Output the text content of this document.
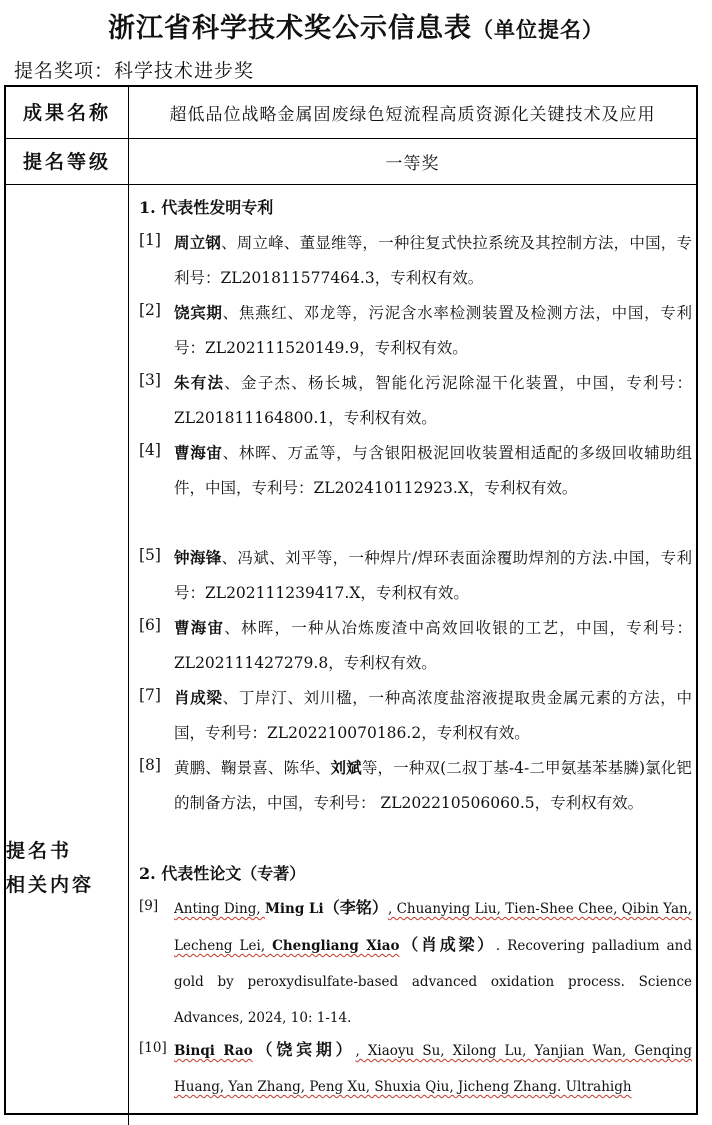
浙江省科学技术奖公示信息表（单位提名）
提名奖项：科学技术进步奖
成果名称	超低品位战略金属固废绿色短流程高质资源化关键技术及应用
提名等级	一等奖
提名书
相关内容
1. 代表性发明专利
[1] 周立钢、周立峰、董显维等，一种往复式快拉系统及其控制方法，中国，专利号：ZL201811577464.3，专利权有效。
[2] 饶宾期、焦燕红、邓龙等，污泥含水率检测装置及检测方法，中国，专利号：ZL202111520149.9，专利权有效。
[3] 朱有法、金子杰、杨长城，智能化污泥除湿干化装置，中国，专利号：ZL201811164800.1，专利权有效。
[4] 曹海宙、林晖、万孟等，与含银阳极泥回收装置相适配的多级回收辅助组件，中国，专利号：ZL202410112923.X，专利权有效。
[5] 钟海锋、冯斌、刘平等，一种焊片/焊环表面涂覆助焊剂的方法.中国，专利号：ZL202111239417.X，专利权有效。
[6] 曹海宙、林晖，一种从冶炼废渣中高效回收银的工艺，中国，专利号：ZL202111427279.8，专利权有效。
[7] 肖成梁、丁岸汀、刘川楹，一种高浓度盐溶液提取贵金属元素的方法，中国，专利号：ZL202210070186.2，专利权有效。
[8] 黄鹏、鞠景喜、陈华、刘斌等，一种双(二叔丁基-4-二甲氨基苯基膦)氯化钯的制备方法，中国，专利号： ZL202210506060.5，专利权有效。
2. 代表性论文（专著）
[9] Anting Ding, Ming Li（李铭）, Chuanying Liu, Tien-Shee Chee, Qibin Yan, Lecheng Lei, Chengliang Xiao（肖成梁）. Recovering palladium and gold by peroxydisulfate-based advanced oxidation process. Science Advances, 2024, 10: 1-14.
[10] Binqi Rao（饶宾期）, Xiaoyu Su, Xilong Lu, Yanjian Wan, Genqing Huang, Yan Zhang, Peng Xu, Shuxia Qiu, Jicheng Zhang. Ultrahigh
